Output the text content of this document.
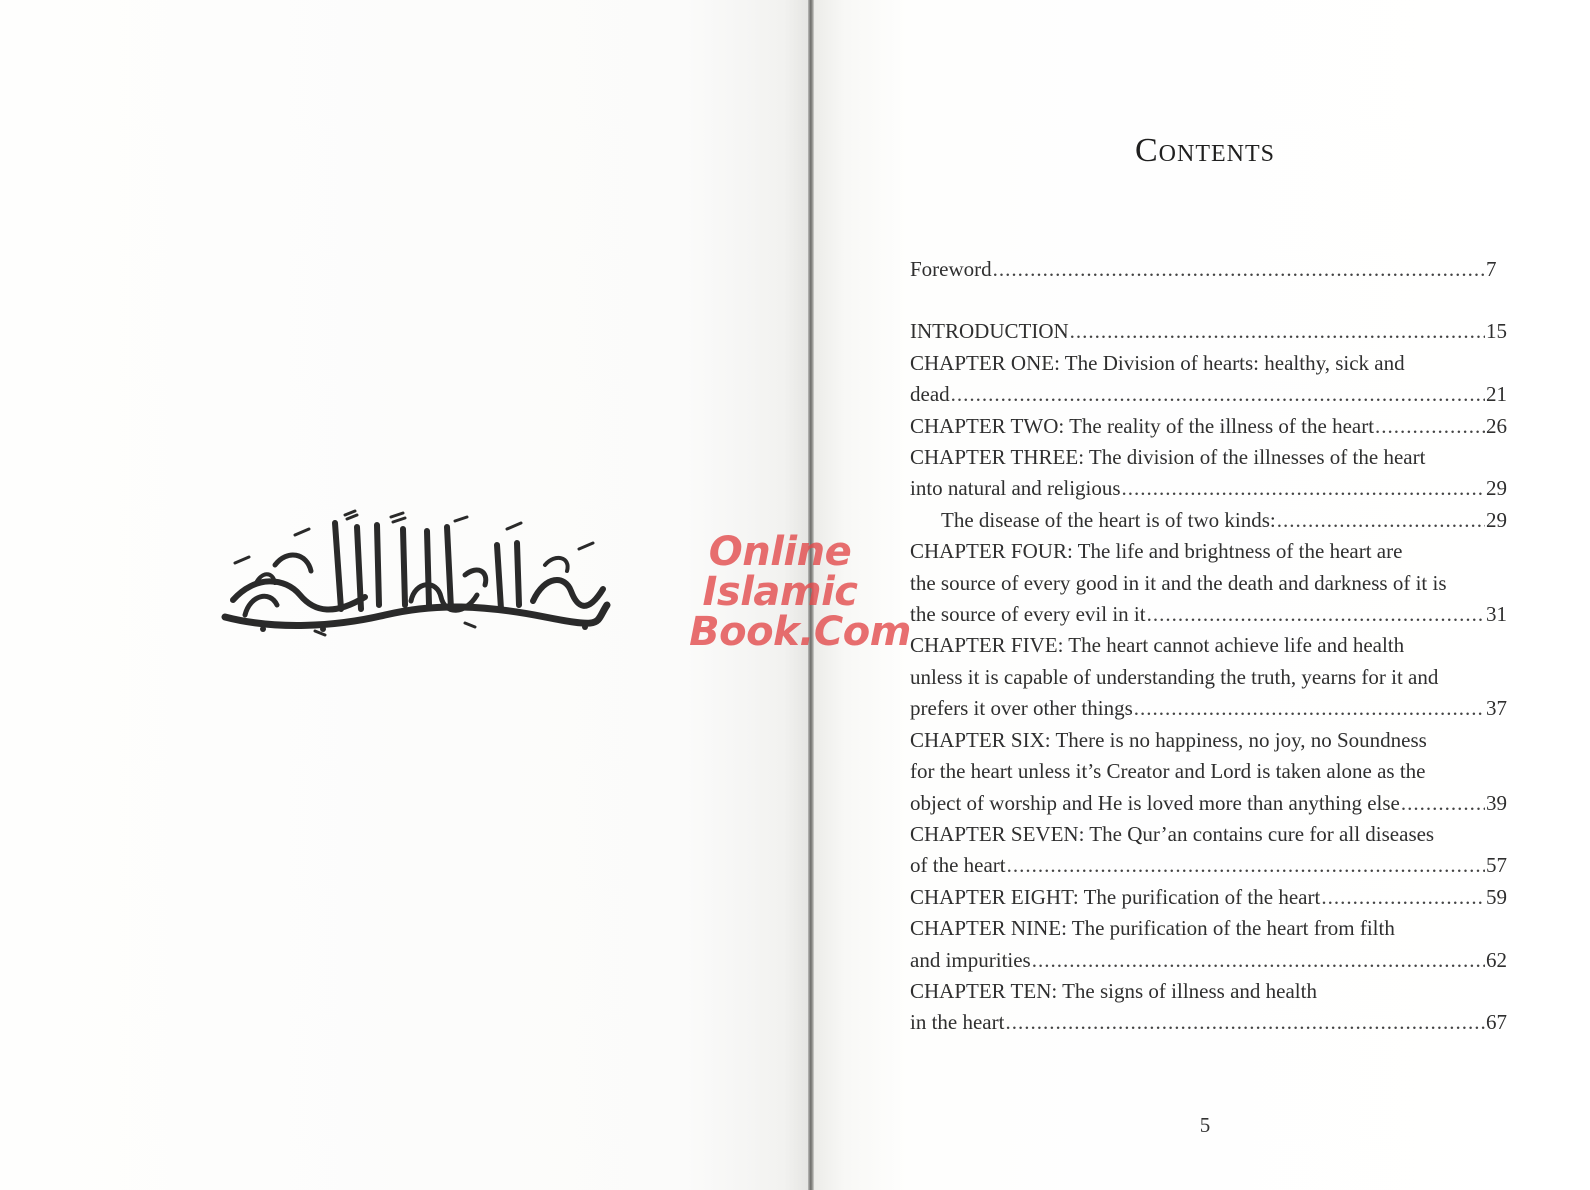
Online Islamic
Book.Com
Contents
Foreword .....	7
INTRODUCTION .....	15
CHAPTER ONE: The Division of hearts: healthy, sick and
dead .....	21
CHAPTER TWO: The reality of the illness of the heart .....	26
CHAPTER THREE: The division of the illnesses of the heart
into natural and religious .....	29
The disease of the heart is of two kinds: .....	29
CHAPTER FOUR: The life and brightness of the heart are
the source of every good in it and the death and darkness of it is
the source of every evil in it .....	31
CHAPTER FIVE: The heart cannot achieve life and health
unless it is capable of understanding the truth, yearns for it and
prefers it over other things .....	37
CHAPTER SIX: There is no happiness, no joy, no Soundness
for the heart unless it’s Creator and Lord is taken alone as the
object of worship and He is loved more than anything else .....	39
CHAPTER SEVEN: The Qur’an contains cure for all diseases
of the heart .....	57
CHAPTER EIGHT: The purification of the heart .....	59
CHAPTER NINE: The purification of the heart from filth
and impurities .....	62
CHAPTER TEN: The signs of illness and health
in the heart .....	67
5
